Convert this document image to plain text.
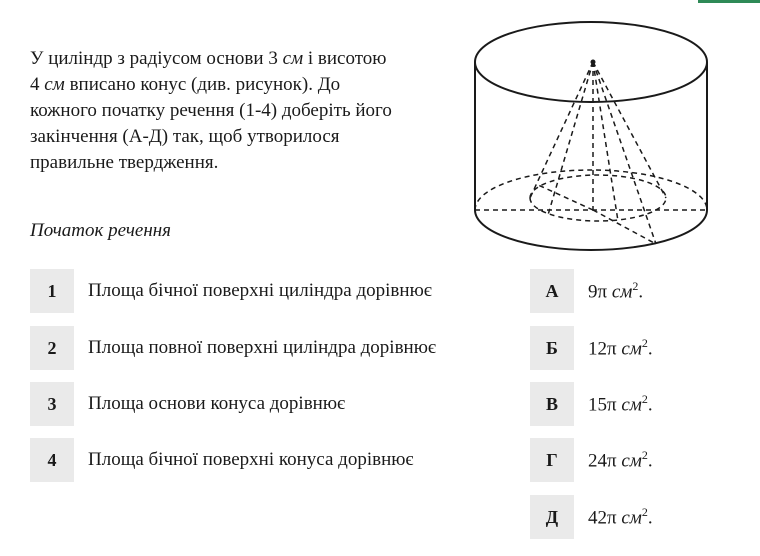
У циліндр з радіусом основи 3 см і висотою
4 см вписано конус (див. рисунок). До
кожного початку речення (1-4) доберіть його
закінчення (А-Д) так, щоб утворилося
правильне твердження.

Початок речення
1	Площа бічної поверхні циліндра дорівнює
2	Площа повної поверхні циліндра дорівнює
3	Площа основи конуса дорівнює
4	Площа бічної поверхні конуса дорівнює
А	9π $см^2$.
Б	12π $см^2$.
В	15π $см^2$.
Г	24π $см^2$.
Д	42π $см^2$.
